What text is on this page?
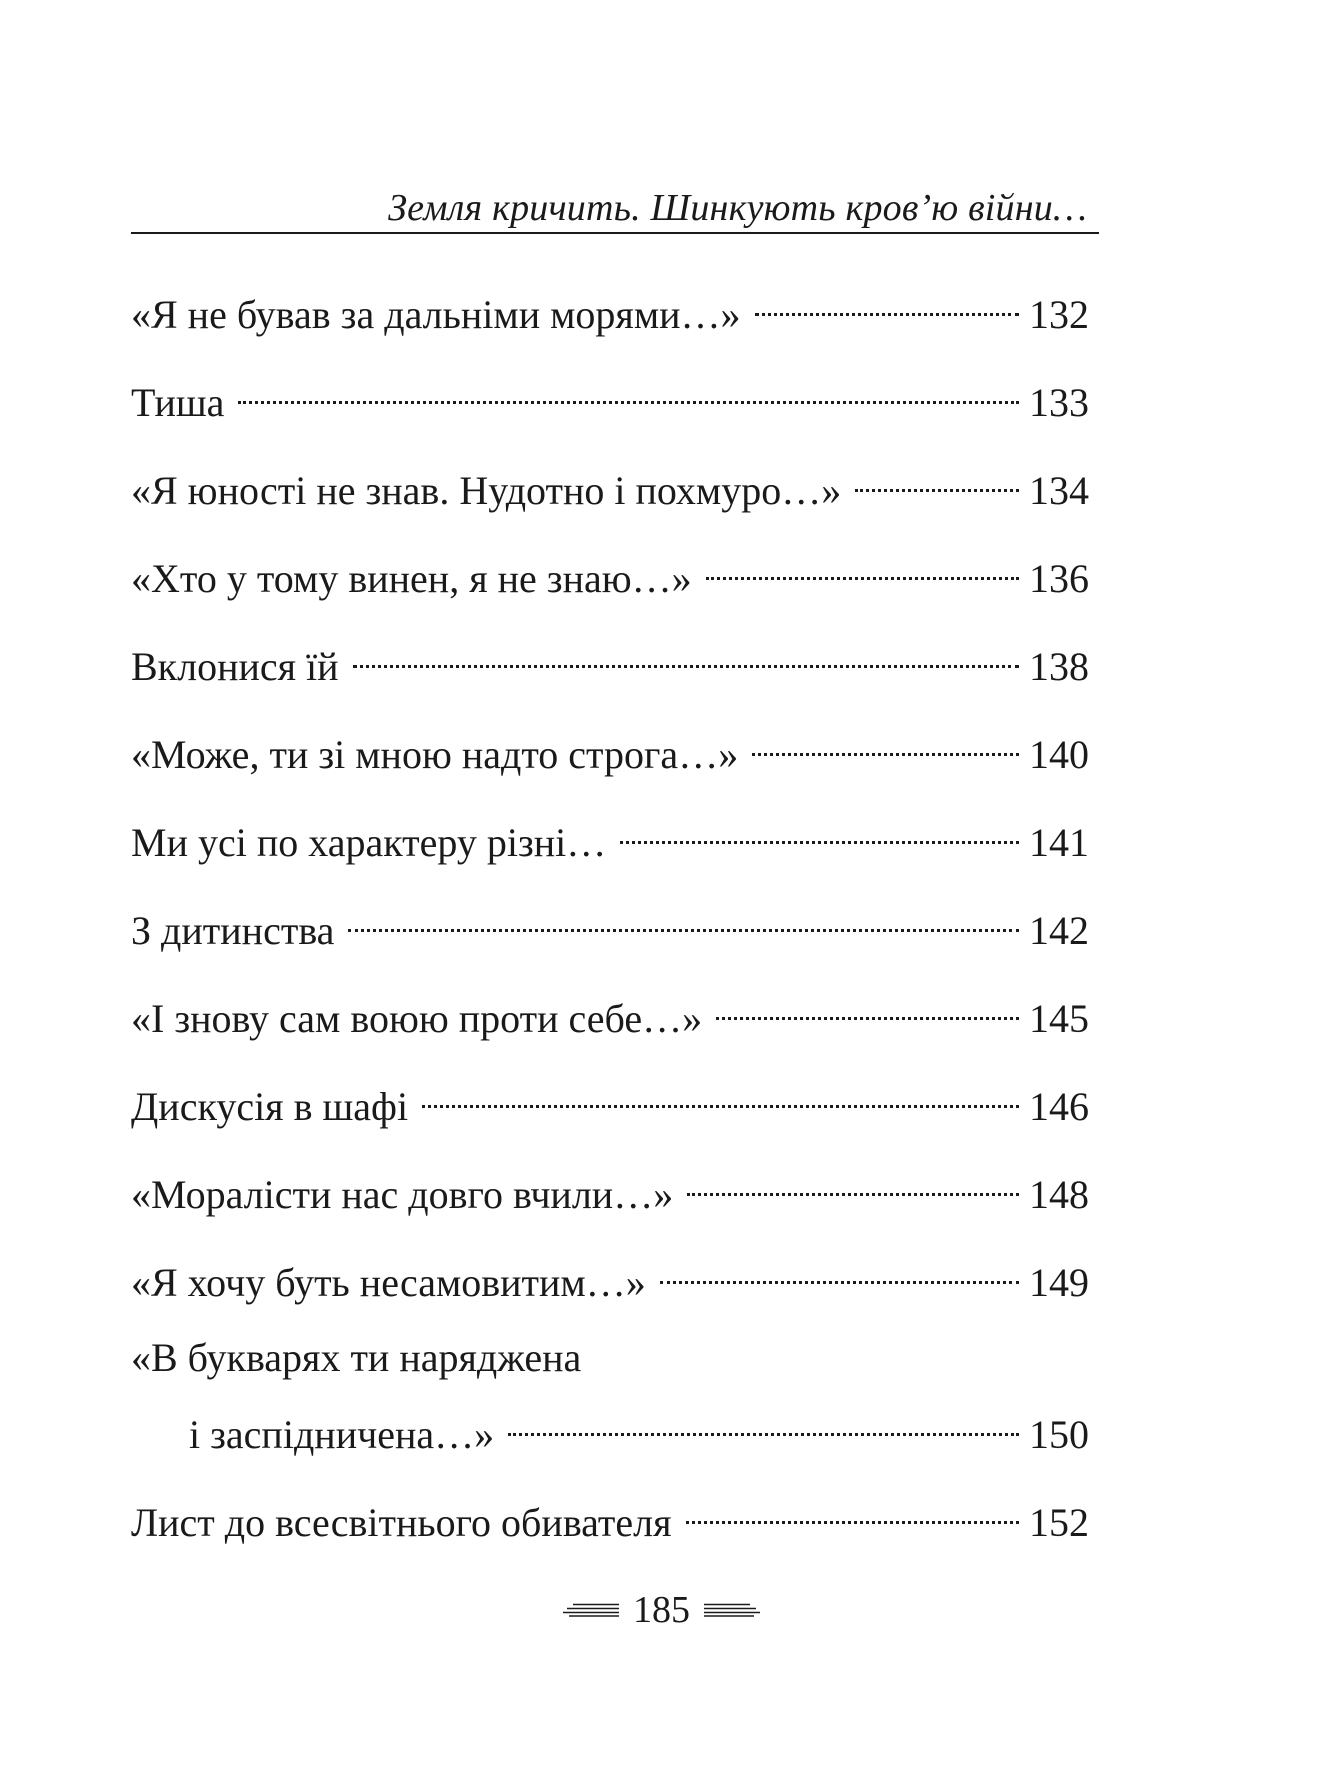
Земля кричить. Шинкують кров’ю війни…
«Я не бував за дальніми морями…»	132
Тиша	133
«Я юності не знав. Нудотно і похмуро…»	134
«Хто у тому винен, я не знаю…»	136
Вклонися їй	138
«Може, ти зі мною надто строга…»	140
Ми усі по характеру різні…	141
З дитинства	142
«І знову сам воюю проти себе…»	145
Дискусія в шафі	146
«Моралісти нас довго вчили…»	148
«Я хочу буть несамовитим…»	149
«В букварях ти наряджена
і заспідничена…»	150
Лист до всесвітнього обивателя	152
185
